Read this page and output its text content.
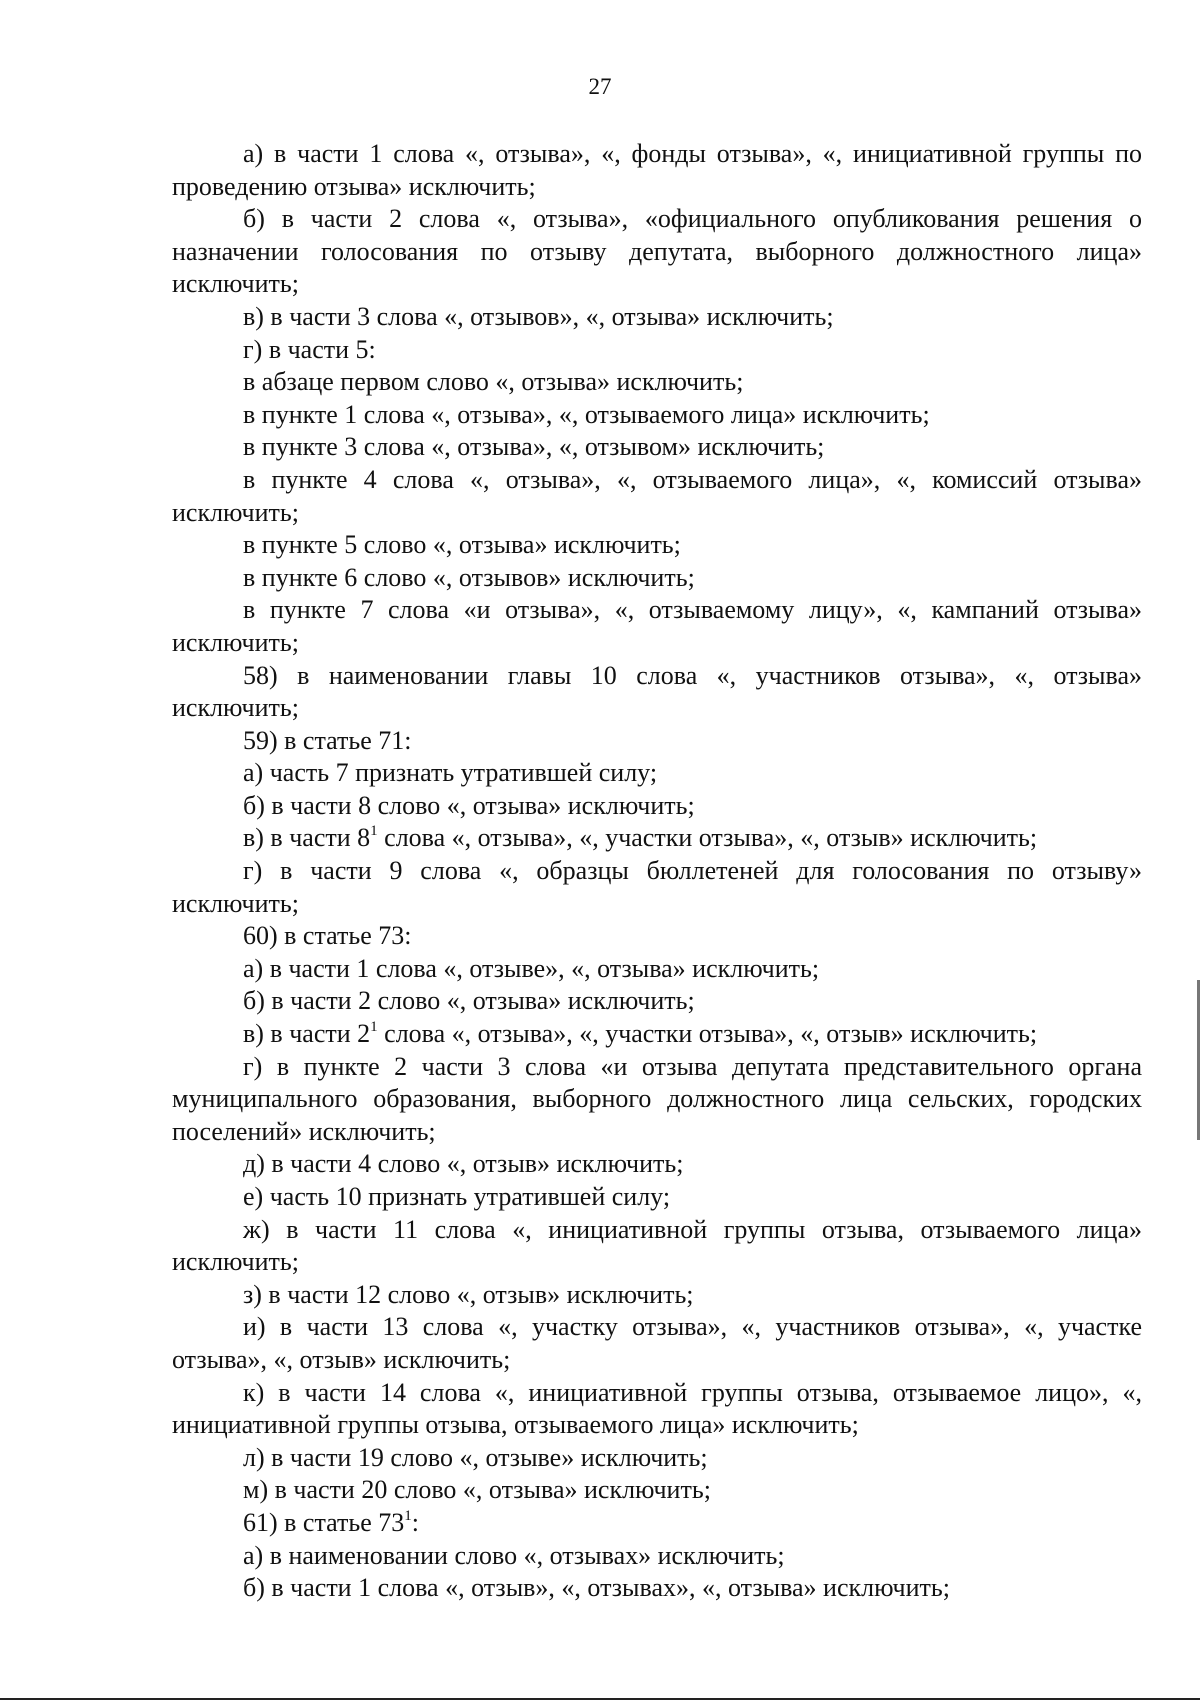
27

а) в части 1 слова «, отзыва», «, фонды отзыва», «, инициативной группы по проведению отзыва» исключить;

б) в части 2 слова «, отзыва», «официального опубликования решения о назначении голосования по отзыву депутата, выборного должностного лица» исключить;

в) в части 3 слова «, отзывов», «, отзыва» исключить;

г) в части 5:

в абзаце первом слово «, отзыва» исключить;

в пункте 1 слова «, отзыва», «, отзываемого лица» исключить;

в пункте 3 слова «, отзыва», «, отзывом» исключить;

в пункте 4 слова «, отзыва», «, отзываемого лица», «, комиссий отзыва» исключить;

в пункте 5 слово «, отзыва» исключить;

в пункте 6 слово «, отзывов» исключить;

в пункте 7 слова «и отзыва», «, отзываемому лицу», «, кампаний отзыва» исключить;

58) в наименовании главы 10 слова «, участников отзыва», «, отзыва» исключить;

59) в статье 71:

а) часть 7 признать утратившей силу;

б) в части 8 слово «, отзыва» исключить;

в) в части $8^1$ слова «, отзыва», «, участки отзыва», «, отзыв» исключить;

г) в части 9 слова «, образцы бюллетеней для голосования по отзыву» исключить;

60) в статье 73:

а) в части 1 слова «, отзыве», «, отзыва» исключить;

б) в части 2 слово «, отзыва» исключить;

в) в части $2^1$ слова «, отзыва», «, участки отзыва», «, отзыв» исключить;

г) в пункте 2 части 3 слова «и отзыва депутата представительного органа муниципального образования, выборного должностного лица сельских, городских поселений» исключить;

д) в части 4 слово «, отзыв» исключить;

е) часть 10 признать утратившей силу;

ж) в части 11 слова «, инициативной группы отзыва, отзываемого лица» исключить;

з) в части 12 слово «, отзыв» исключить;

и) в части 13 слова «, участку отзыва», «, участников отзыва», «, участке отзыва», «, отзыв» исключить;

к) в части 14 слова «, инициативной группы отзыва, отзываемое лицо», «, инициативной группы отзыва, отзываемого лица» исключить;

л) в части 19 слово «, отзыве» исключить;

м) в части 20 слово «, отзыва» исключить;

61) в статье $73^1$:

а) в наименовании слово «, отзывах» исключить;

б) в части 1 слова «, отзыв», «, отзывах», «, отзыва» исключить;
